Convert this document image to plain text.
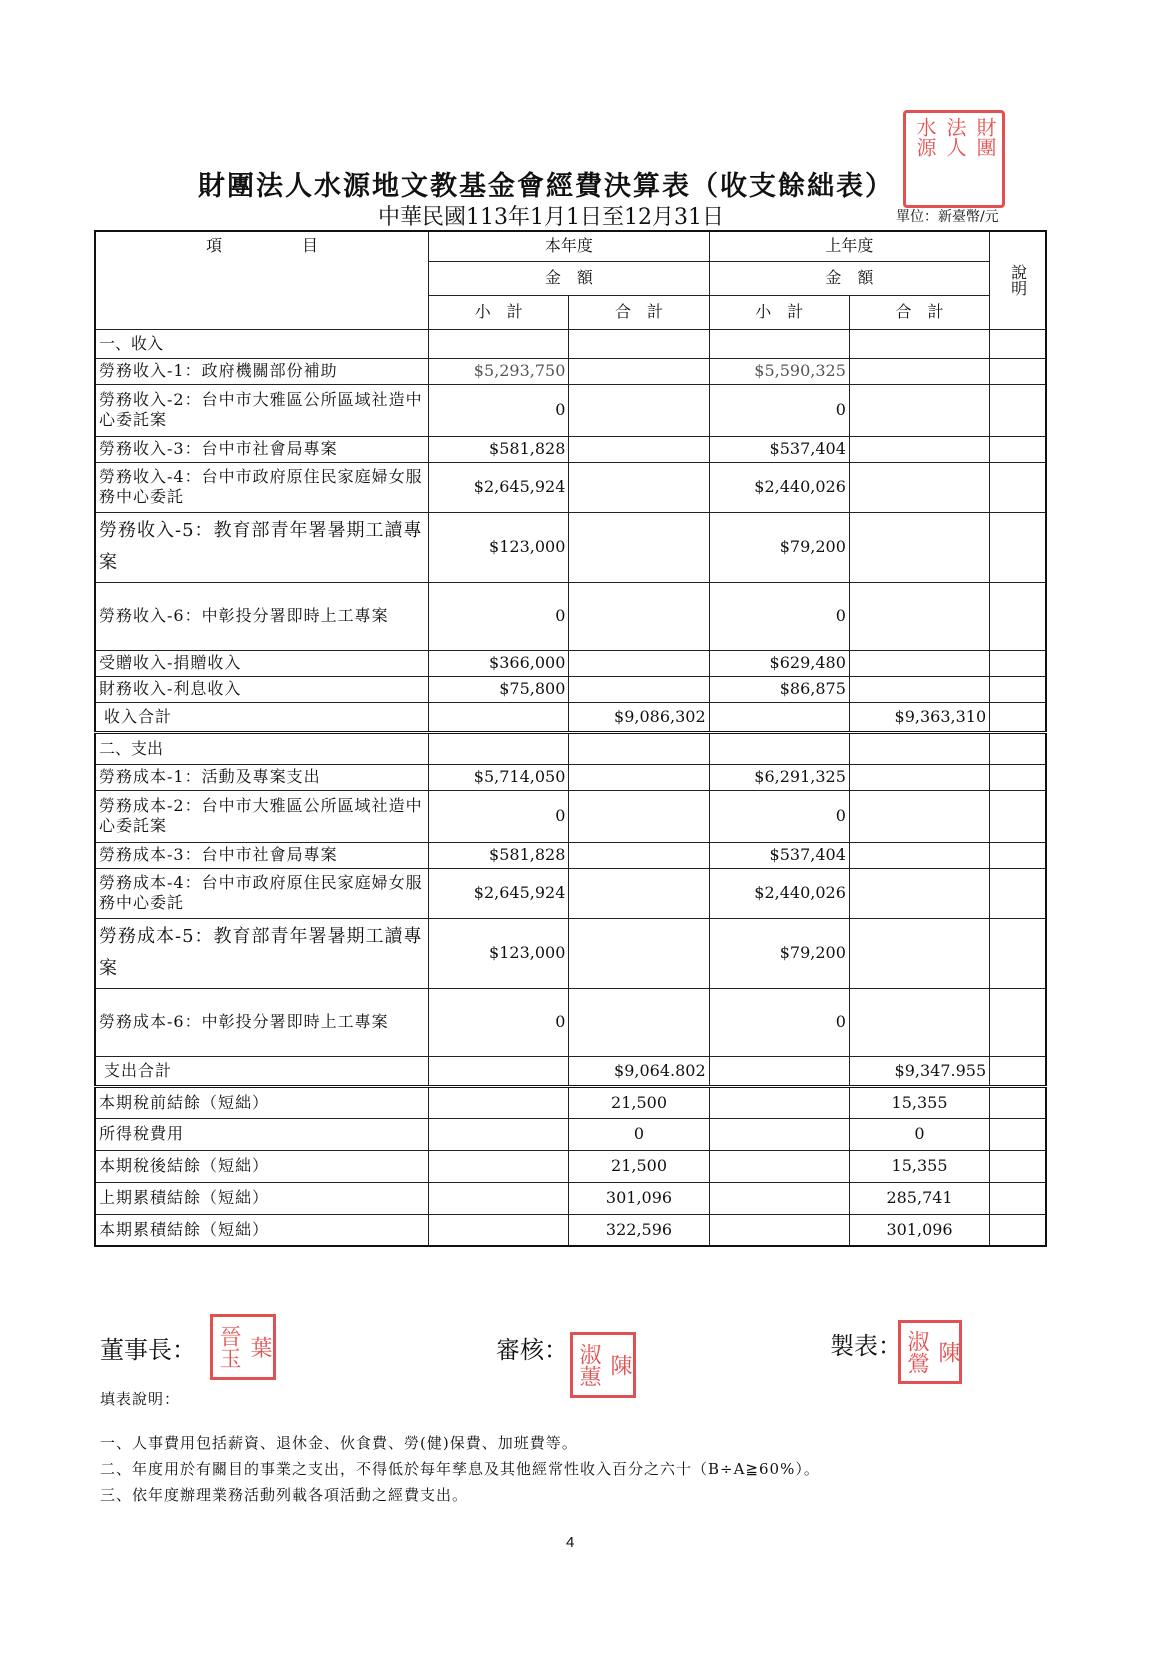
財團法人水源地文教基金會經費決算表（收支餘絀表）
中華民國113年1月1日至12月31日	單位：新臺幣/元
財團
法人
水源
項　　　　　目	本年度		上年度		說明
	金　額		金　額		
	小　計	合　計	小　計	合　計	
一、收入					
勞務收入-1：政府機關部份補助	$5,293,750		$5,590,325		
勞務收入-2：台中市大雅區公所區域社造中心委託案	0		0		
勞務收入-3：台中市社會局專案	$581,828		$537,404		
勞務收入-4：台中市政府原住民家庭婦女服務中心委託	$2,645,924		$2,440,026		
勞務收入-5：教育部青年署暑期工讀專案	$123,000		$79,200		
勞務收入-6：中彰投分署即時上工專案	0		0		
受贈收入-捐贈收入	$366,000		$629,480		
財務收入-利息收入	$75,800		$86,875		
收入合計		$9,086,302		$9,363,310	
二、支出					
勞務成本-1：活動及專案支出	$5,714,050		$6,291,325		
勞務成本-2：台中市大雅區公所區域社造中心委託案	0		0		
勞務成本-3：台中市社會局專案	$581,828		$537,404		
勞務成本-4：台中市政府原住民家庭婦女服務中心委託	$2,645,924		$2,440,026		
勞務成本-5：教育部青年署暑期工讀專案	$123,000		$79,200		
勞務成本-6：中彰投分署即時上工專案	0		0		
支出合計		$9,064.802		$9,347.955	
本期稅前結餘（短絀）		21,500		15,355	
所得稅費用		0		0	
本期稅後結餘（短絀）		21,500		15,355	
上期累積結餘（短絀）		301,096		285,741	
本期累積結餘（短絀）		322,596		301,096	
董事長： 葉
晉玉	審核：
陳
淑蕙	製表： 陳
淑鶯
填表說明：
一、人事費用包括薪資、退休金、伙食費、勞(健)保費、加班費等。
二、年度用於有關目的事業之支出，不得低於每年孳息及其他經常性收入百分之六十（B÷A≧60%）。
三、依年度辦理業務活動列載各項活動之經費支出。
4
